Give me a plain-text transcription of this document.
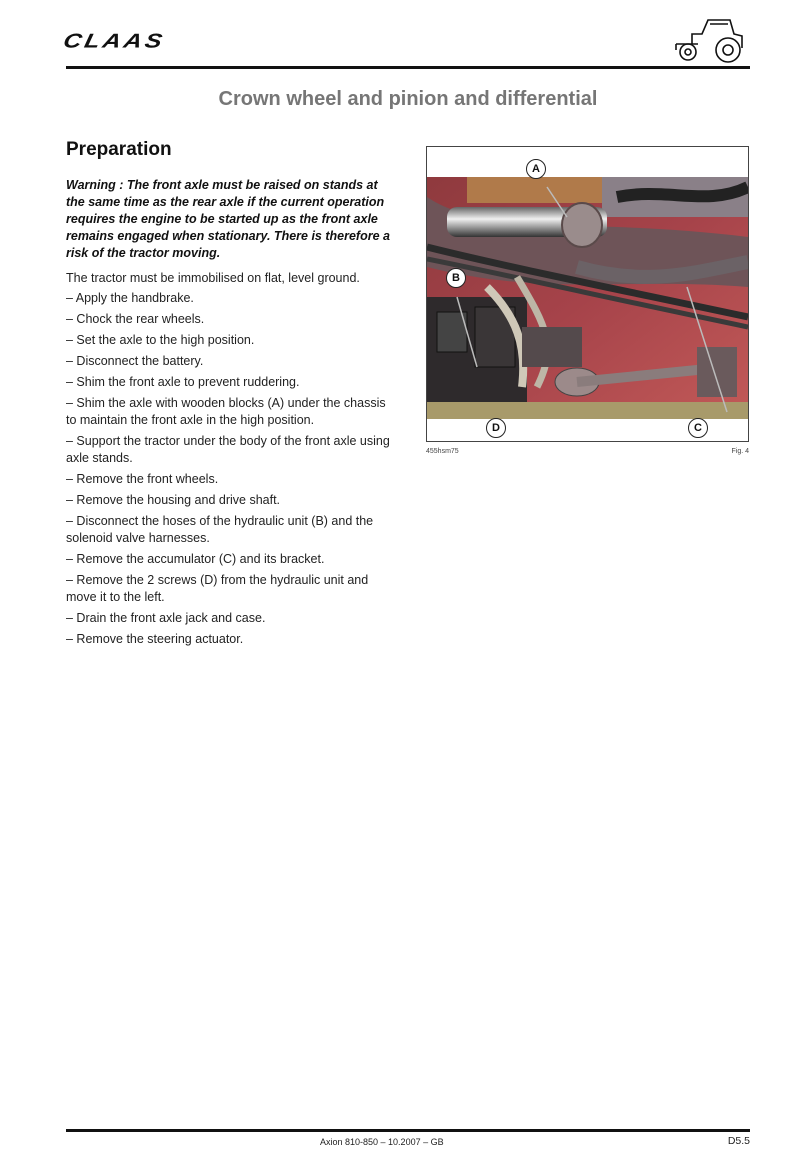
CLAAS
Crown wheel and pinion and differential
Preparation
Warning : The front axle must be raised on stands at the same time as the rear axle if the current operation requires the engine to be started up as the front axle remains engaged when stationary. There is therefore a risk of the tractor moving.
The tractor must be immobilised on flat, level ground.
– Apply the handbrake.
– Chock the rear wheels.
– Set the axle to the high position.
– Disconnect the battery.
– Shim the front axle to prevent ruddering.
– Shim the axle with wooden blocks (A) under the chassis to maintain the front axle in the high position.
– Support the tractor under the body of the front axle using axle stands.
– Remove the front wheels.
– Remove the housing and drive shaft.
– Disconnect the hoses of the hydraulic unit (B) and the solenoid valve harnesses.
– Remove the accumulator (C) and its bracket.
– Remove the 2 screws (D) from the hydraulic unit and move it to the left.
– Drain the front axle jack and case.
– Remove the steering actuator.
A
B
C
D
455hsm75	Fig. 4
Axion 810-850 – 10.2007 – GB	D5.5
